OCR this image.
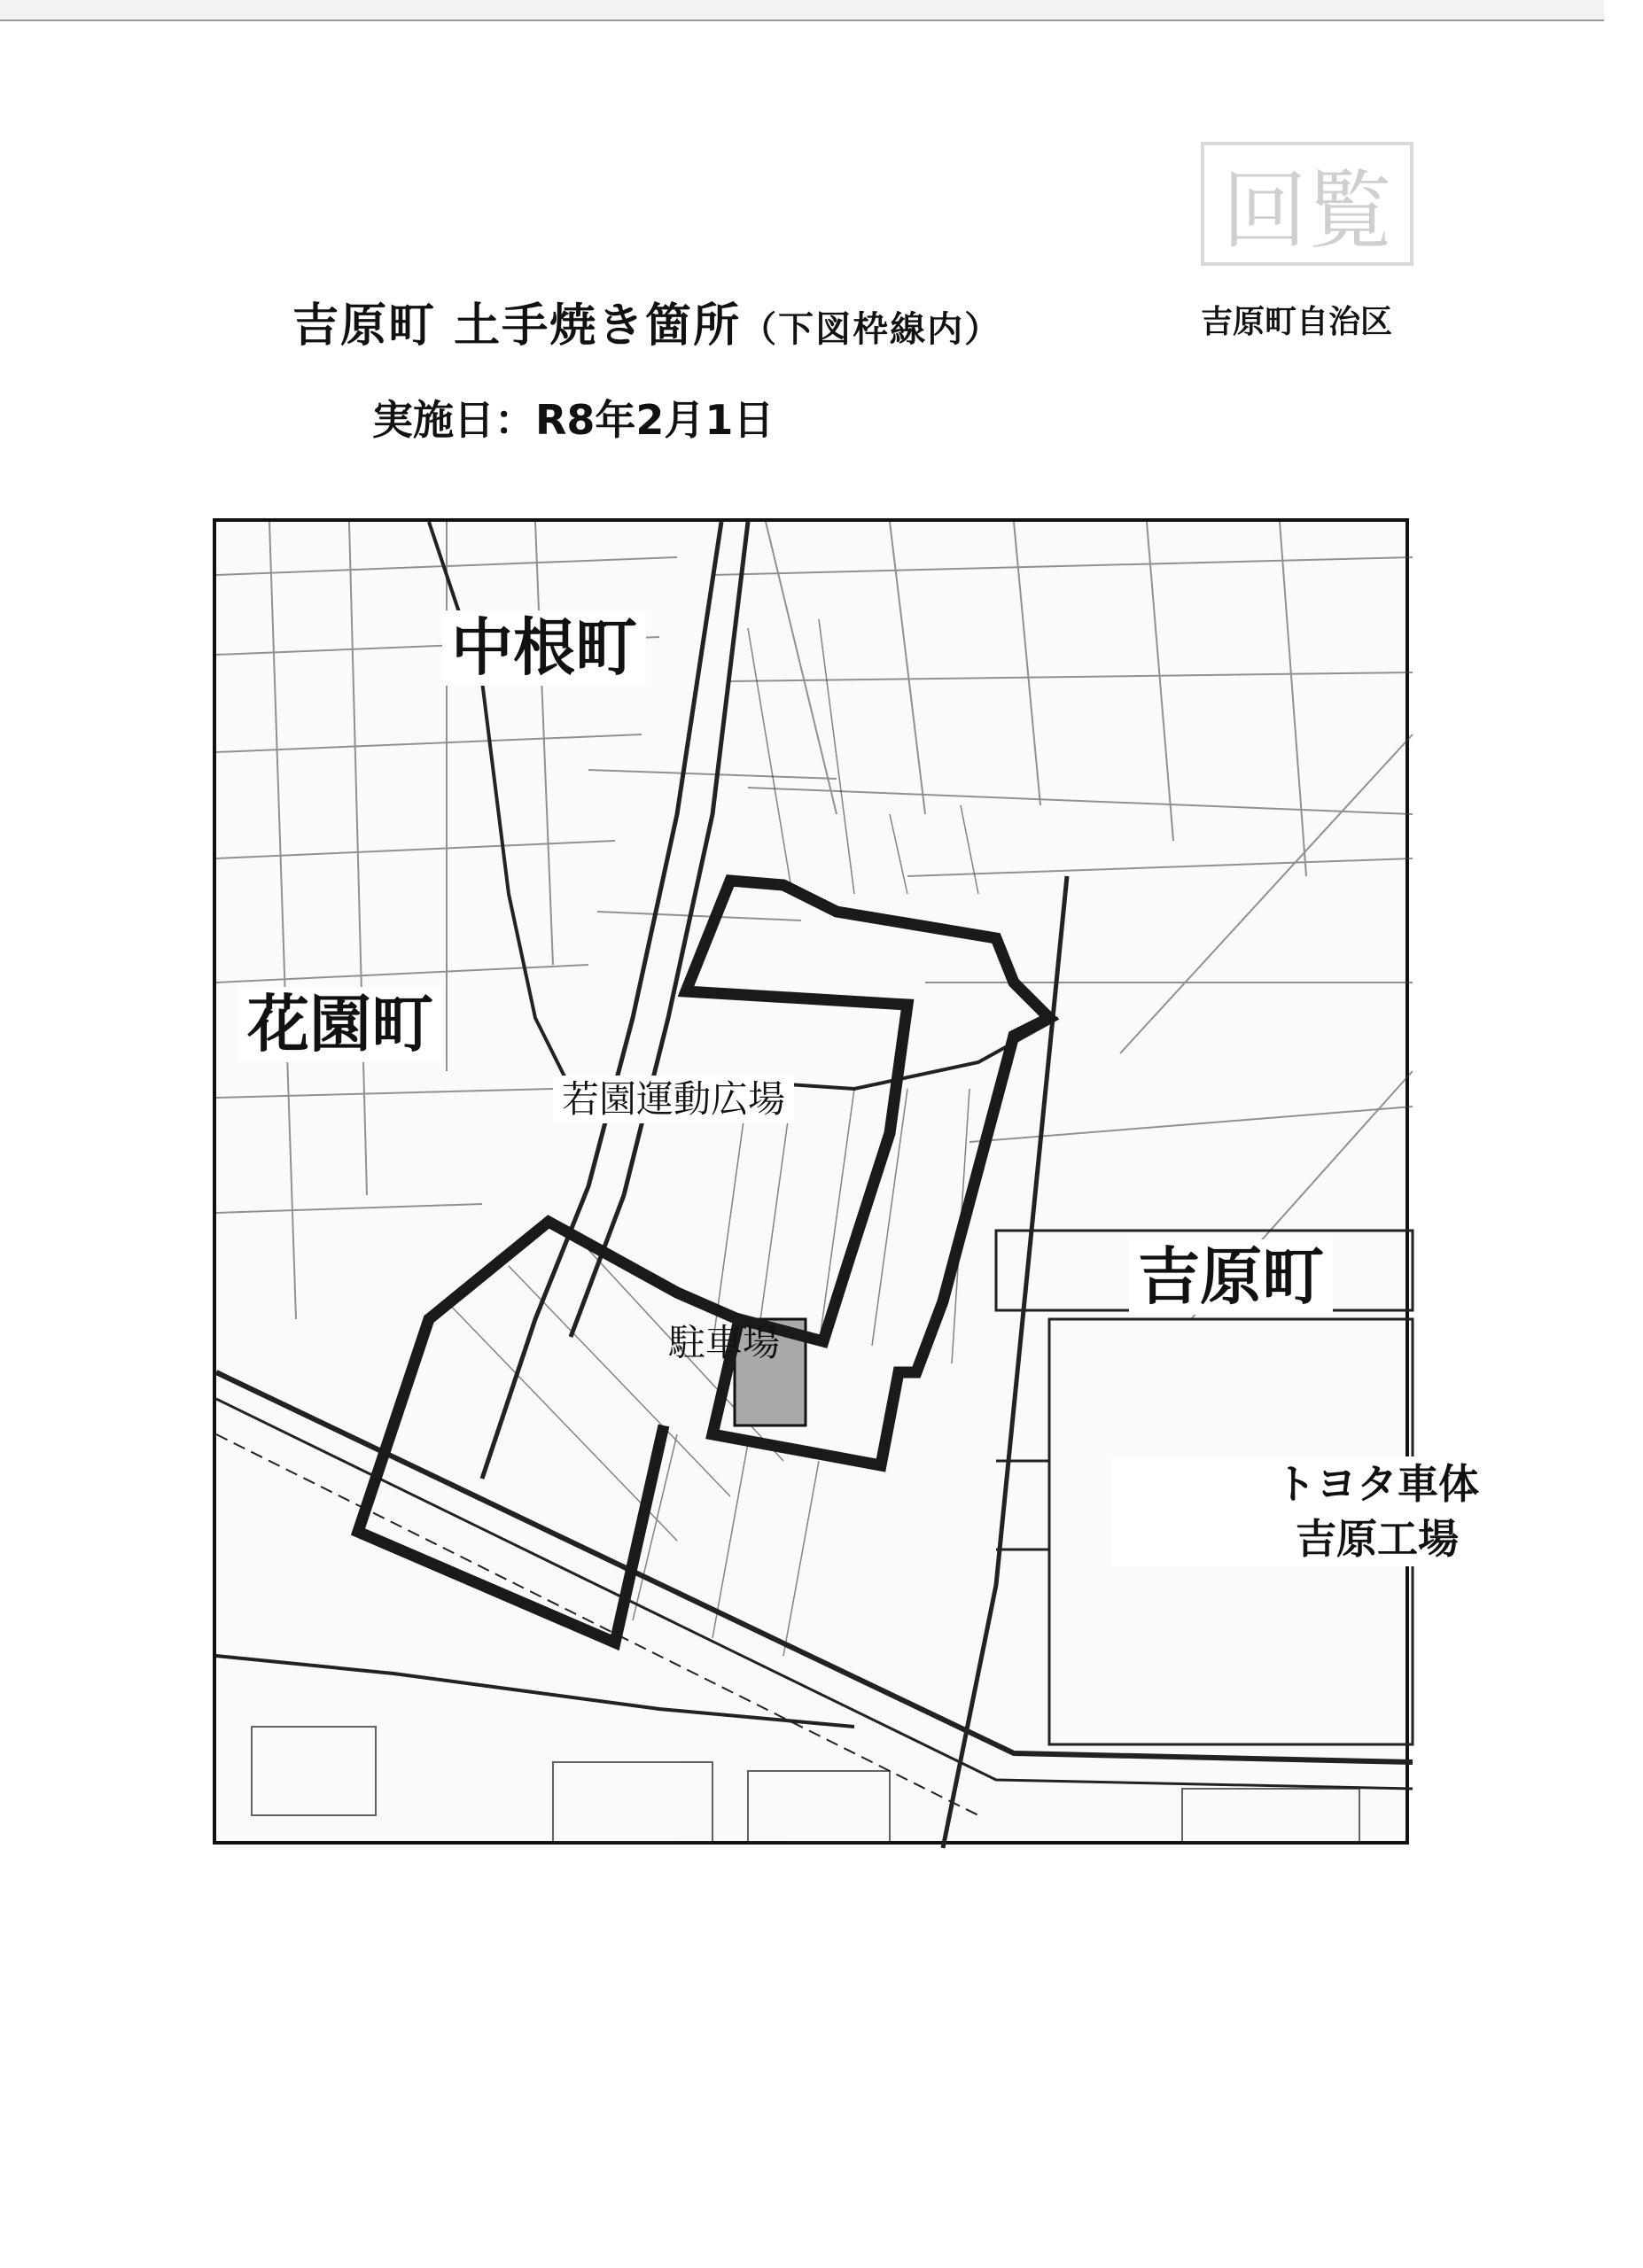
回覧
吉原町 土手焼き箇所（下図枠線内）	吉原町自治区
実施日：R8年2月1日
中根町
花園町
若園運動広場
吉原町
駐車場
トヨタ車体
吉原工場
